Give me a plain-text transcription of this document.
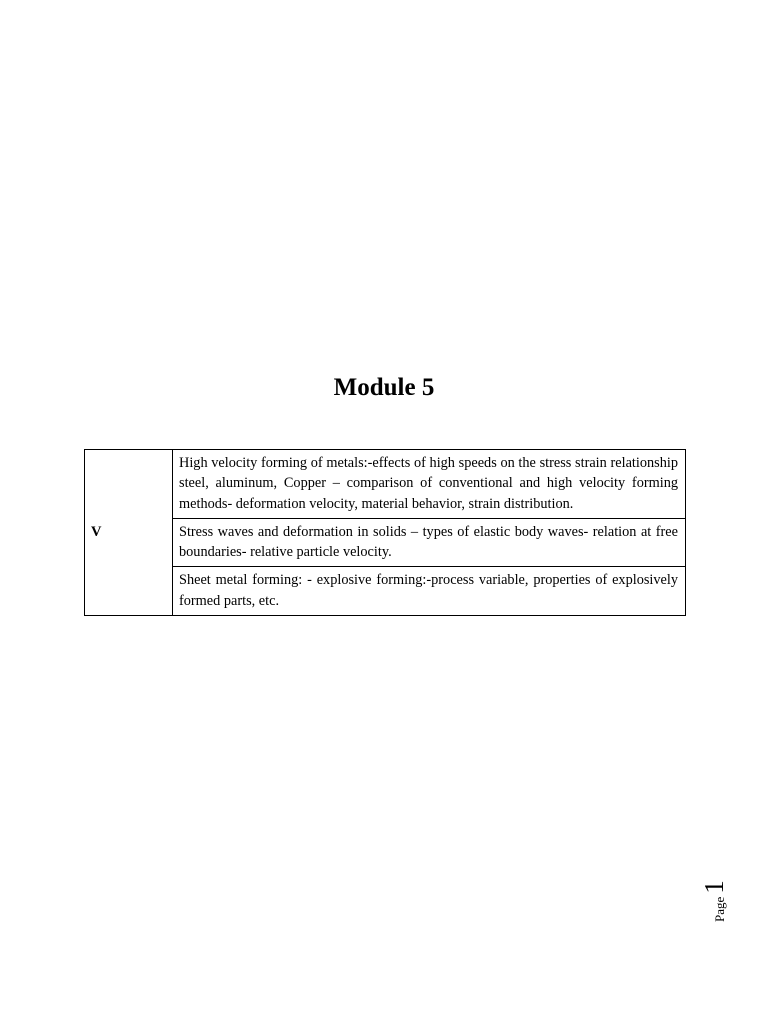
Module 5
V	High velocity forming of metals:-effects of high speeds on the stress strain relationship steel, aluminum, Copper – comparison of conventional and high velocity forming methods- deformation velocity, material behavior, strain distribution.
Stress waves and deformation in solids – types of elastic body waves- relation at free boundaries- relative particle velocity.
Sheet metal forming: - explosive forming:-process variable, properties of explosively formed parts, etc.
Page
1
